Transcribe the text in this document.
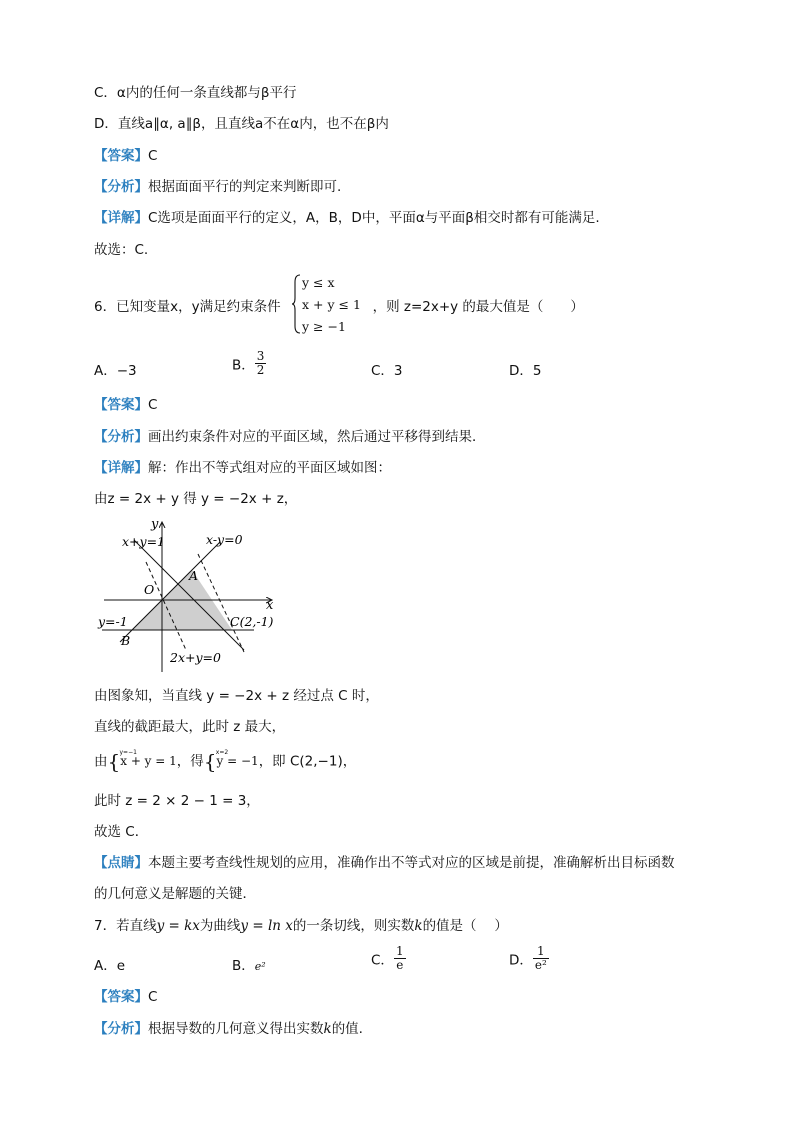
C．α内的任何一条直线都与β平行
D．直线a∥α, a∥β，且直线a不在α内，也不在β内
【答案】C
【分析】根据面面平行的判定来判断即可.
【详解】C选项是面面平行的定义，A，B，D中，平面α与平面β相交时都有可能满足.
故选：C.
6．已知变量x，y满足约束条件	，则 z=2x+y 的最大值是（　　）
y ≤ x
x + y ≤ 1
y ≥ −1
A．−3	B． $\frac{3}{2}$	C．3	D．5
【答案】C
【分析】画出约束条件对应的平面区域，然后通过平移得到结果．
【详解】解：作出不等式组对应的平面区域如图：
由z = 2x + y 得 y = −2x + z，
y
x
x+y=1	x-y=0
A
O
B
C(2,-1)
y=-1
2x+y=0
由图象知，当直线 y = −2x + z 经过点 C 时，
直线的截距最大，此时 z 最大，
由{ y=−1
x + y = 1，得{ x=2
y = −1，即 C(2,−1)，
此时 z = 2 × 2 − 1 = 3，
故选 C．
【点睛】本题主要考查线性规划的应用，准确作出不等式对应的区域是前提，准确解析出目标函数
的几何意义是解题的关键．
7．若直线y = kx为曲线y = ln x的一条切线，则实数k的值是（　 ）
A．e	B．e²	C． $\frac{1}{e}$	D． $\frac{1}{\text{e²}}$
【答案】C
【分析】根据导数的几何意义得出实数k的值.
